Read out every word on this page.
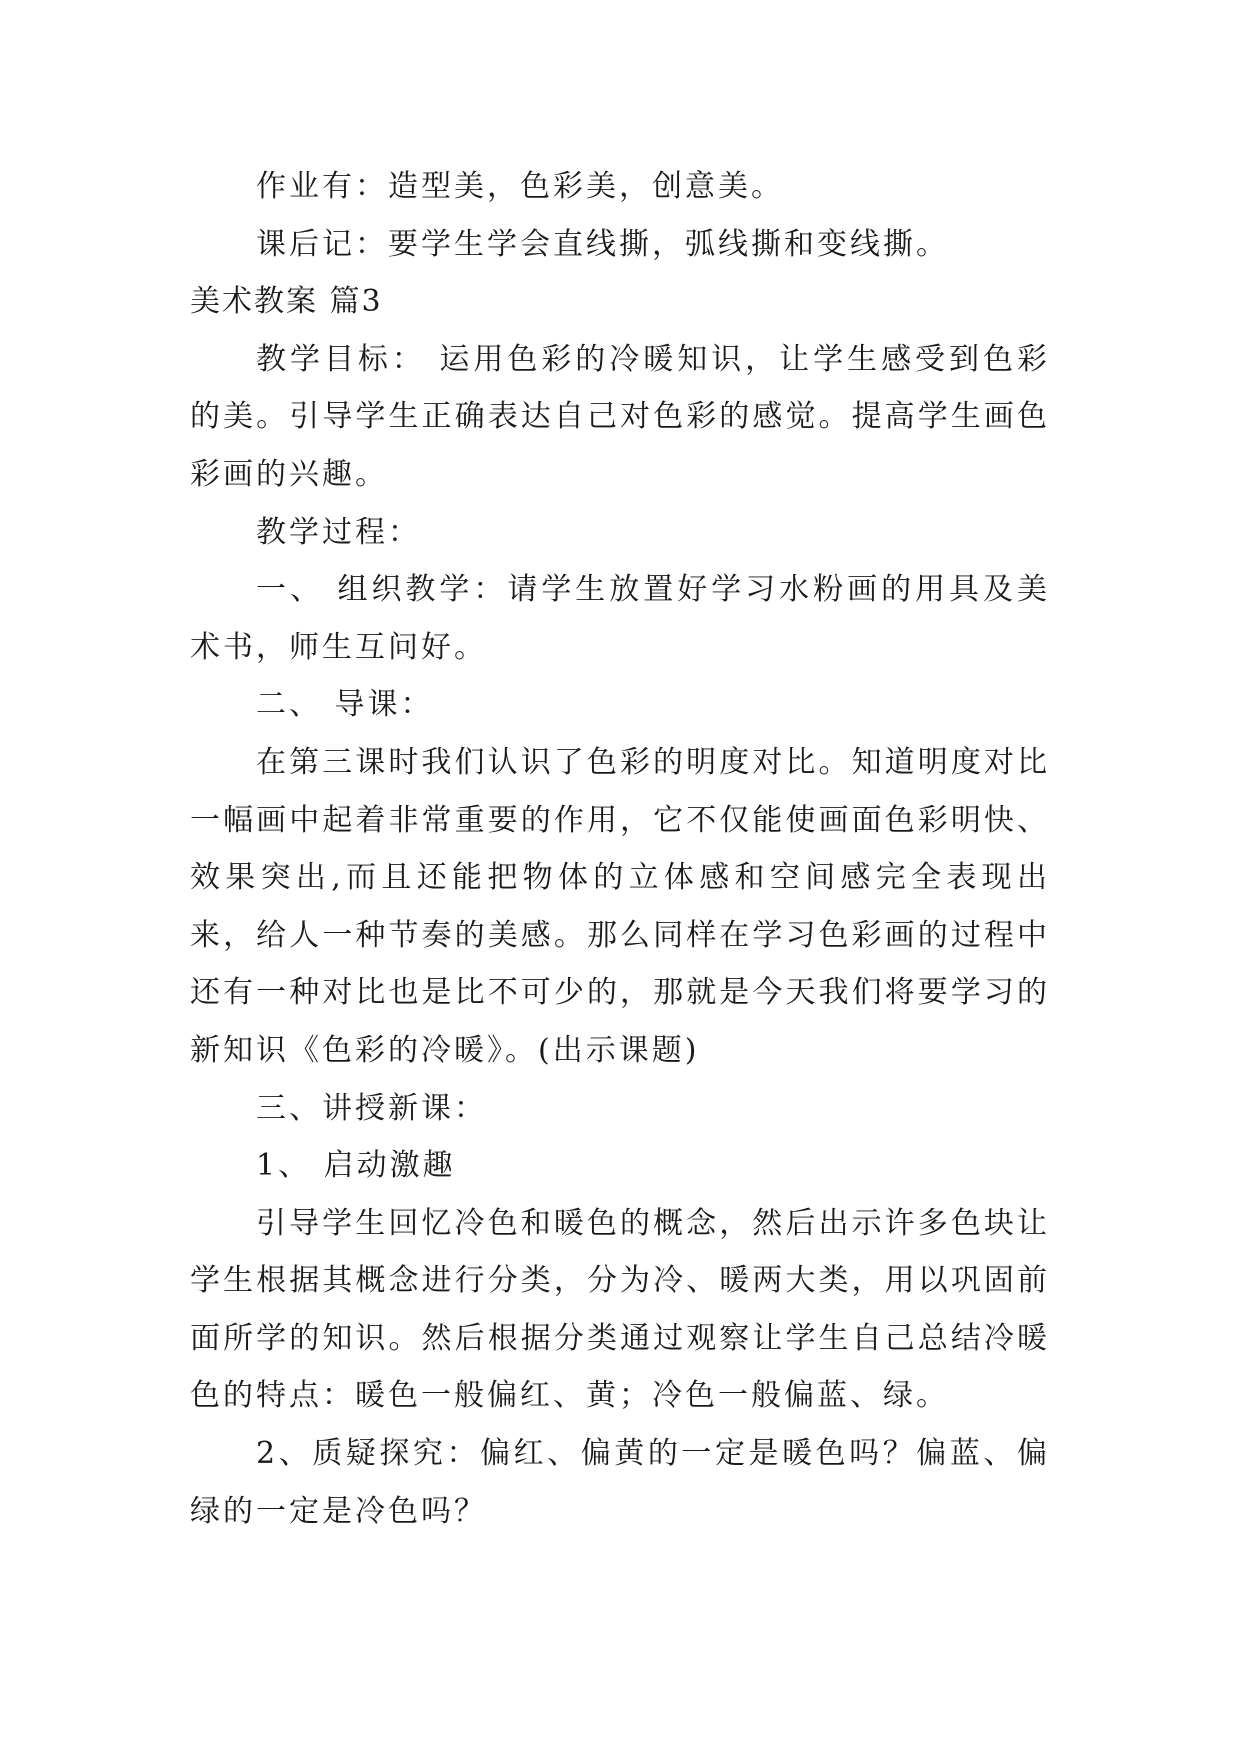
作业有：造型美，色彩美，创意美。

课后记：要学生学会直线撕，弧线撕和变线撕。

美术教案 篇3

教学目标： 运用色彩的冷暖知识，让学生感受到色彩的美。引导学生正确表达自己对色彩的感觉。提高学生画色彩画的兴趣。

教学过程：

一、 组织教学：请学生放置好学习水粉画的用具及美术书，师生互问好。

二、 导课：

在第三课时我们认识了色彩的明度对比。知道明度对比一幅画中起着非常重要的作用，它不仅能使画面色彩明快、效果突出,而且还能把物体的立体感和空间感完全表现出来，给人一种节奏的美感。那么同样在学习色彩画的过程中还有一种对比也是比不可少的，那就是今天我们将要学习的新知识《色彩的冷暖》。(出示课题)

三、讲授新课：

1、 启动激趣

引导学生回忆冷色和暖色的概念，然后出示许多色块让学生根据其概念进行分类，分为冷、暖两大类，用以巩固前面所学的知识。然后根据分类通过观察让学生自己总结冷暖色的特点：暖色一般偏红、黄；冷色一般偏蓝、绿。

2、质疑探究：偏红、偏黄的一定是暖色吗？偏蓝、偏绿的一定是冷色吗？
